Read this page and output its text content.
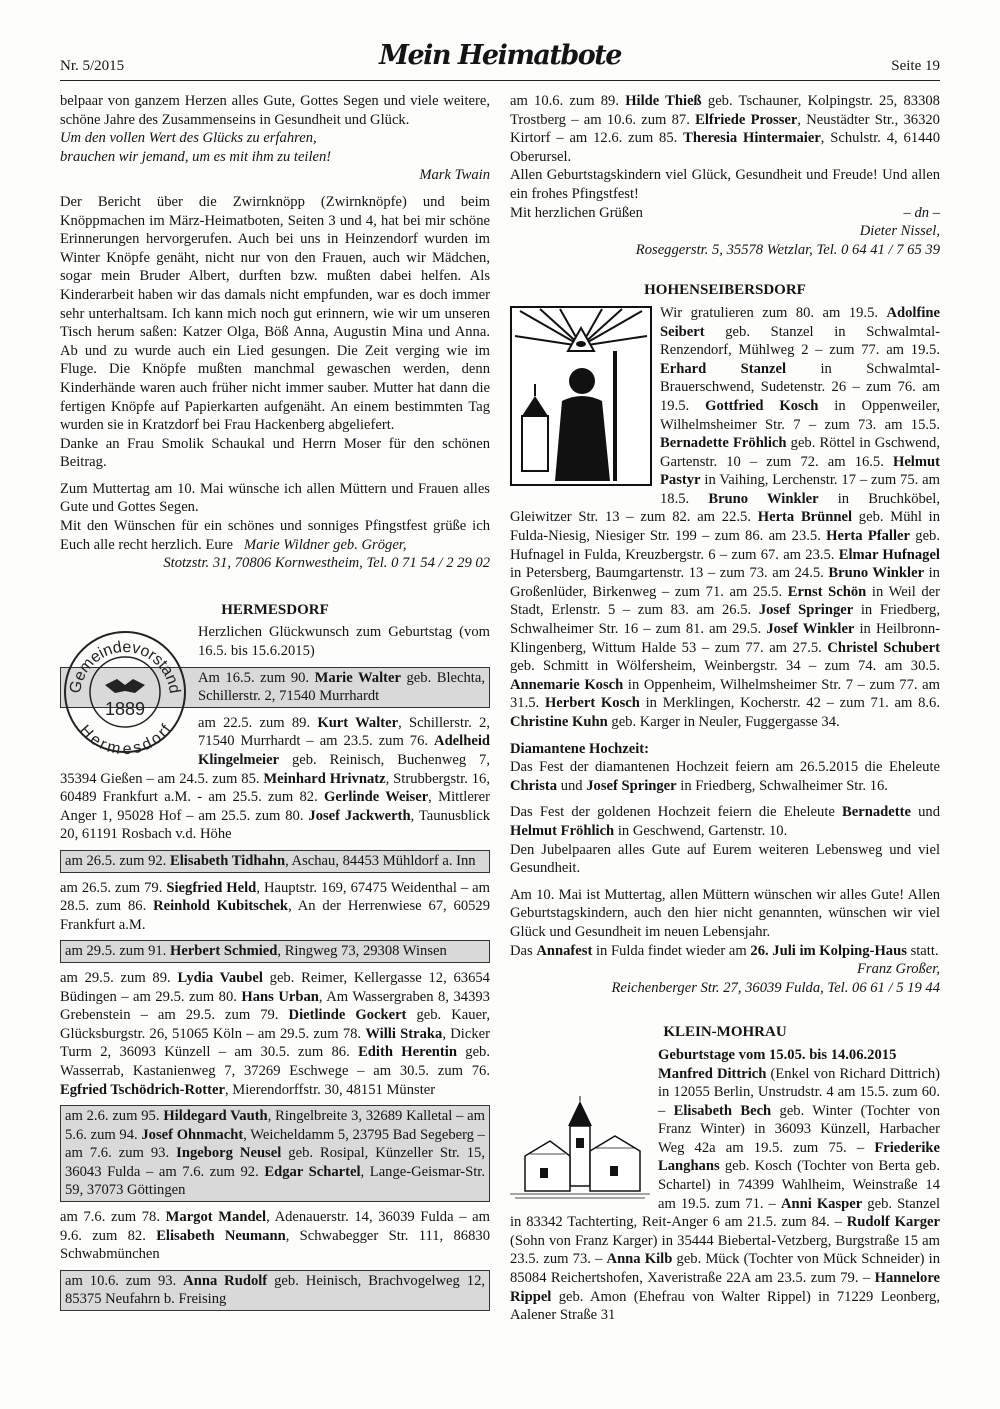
Nr. 5/2015	Mein Heimatbote	Seite 19

belpaar von ganzem Herzen alles Gute, Gottes Segen und viele weitere, schöne Jahre des Zusammenseins in Gesundheit und Glück.

Um den vollen Wert des Glücks zu erfahren,

brauchen wir jemand, um es mit ihm zu teilen!

Mark Twain

Der Bericht über die Zwirnknöpp (Zwirnknöpfe) und beim Knöppmachen im März-Heimatboten, Seiten 3 und 4, hat bei mir schöne Erinnerungen hervorgerufen. Auch bei uns in Heinzendorf wurden im Winter Knöpfe genäht, nicht nur von den Frauen, auch wir Mädchen, sogar mein Bruder Albert, durften bzw. mußten dabei helfen. Als Kinderarbeit haben wir das damals nicht empfunden, war es doch immer sehr unterhaltsam. Ich kann mich noch gut erinnern, wie wir um unseren Tisch herum saßen: Katzer Olga, Böß Anna, Augustin Mina und Anna. Ab und zu wurde auch ein Lied gesungen. Die Zeit verging wie im Fluge. Die Knöpfe mußten manchmal gewaschen werden, denn Kinderhände waren auch früher nicht immer sauber. Mutter hat dann die fertigen Knöpfe auf Papierkarten aufgenäht. An einem bestimmten Tag wurden sie in Kratzdorf bei Frau Hackenberg abgeliefert.

Danke an Frau Smolik Schaukal und Herrn Moser für den schönen Beitrag.

Zum Muttertag am 10. Mai wünsche ich allen Müttern und Frauen alles Gute und Gottes Segen.

Mit den Wünschen für ein schönes und sonniges Pfingstfest grüße ich Euch alle recht herzlich. Eure Marie Wildner geb. Gröger,

Stotzstr. 31, 70806 Kornwestheim, Tel. 0 71 54 / 2 29 02

HERMESDORF
Gemeindevorstand
Hermesdorf
1889

Herzlichen Glückwunsch zum Geburtstag (vom 16.5. bis 15.6.2015)

Am 16.5. zum 90. Marie Walter geb. Blechta, Schillerstr. 2, 71540 Murrhardt

am 22.5. zum 89. Kurt Walter, Schillerstr. 2, 71540 Murrhardt – am 23.5. zum 76. Adelheid Klingelmeier geb. Reinisch, Buchenweg 7, 35394 Gießen – am 24.5. zum 85. Meinhard Hrivnatz, Strubbergstr. 16, 60489 Frankfurt a.M. - am 25.5. zum 82. Gerlinde Weiser, Mittlerer Anger 1, 95028 Hof – am 25.5. zum 80. Josef Jackwerth, Taunusblick 20, 61191 Rosbach v.d. Höhe

am 26.5. zum 92. Elisabeth Tidhahn, Aschau, 84453 Mühldorf a. Inn

am 26.5. zum 79. Siegfried Held, Hauptstr. 169, 67475 Weidenthal – am 28.5. zum 86. Reinhold Kubitschek, An der Herrenwiese 67, 60529 Frankfurt a.M.

am 29.5. zum 91. Herbert Schmied, Ringweg 73, 29308 Winsen

am 29.5. zum 89. Lydia Vaubel geb. Reimer, Kellergasse 12, 63654 Büdingen – am 29.5. zum 80. Hans Urban, Am Wassergraben 8, 34393 Grebenstein – am 29.5. zum 79. Dietlinde Gockert geb. Kauer, Glücksburgstr. 26, 51065 Köln – am 29.5. zum 78. Willi Straka, Dicker Turm 2, 36093 Künzell – am 30.5. zum 86. Edith Herentin geb. Wasserrab, Kastanienweg 7, 37269 Eschwege – am 30.5. zum 76. Egfried Tschödrich-Rotter, Mierendorffstr. 30, 48151 Münster

am 2.6. zum 95. Hildegard Vauth, Ringelbreite 3, 32689 Kalletal – am 5.6. zum 94. Josef Ohnmacht, Weicheldamm 5, 23795 Bad Segeberg – am 7.6. zum 93. Ingeborg Neusel geb. Rosipal, Künzeller Str. 15, 36043 Fulda – am 7.6. zum 92. Edgar Schartel, Lange-Geismar-Str. 59, 37073 Göttingen

am 7.6. zum 78. Margot Mandel, Adenauerstr. 14, 36039 Fulda – am 9.6. zum 82. Elisabeth Neumann, Schwabegger Str. 111, 86830 Schwabmünchen

am 10.6. zum 93. Anna Rudolf geb. Heinisch, Brachvogelweg 12, 85375 Neufahrn b. Freising

am 10.6. zum 89. Hilde Thieß geb. Tschauner, Kolpingstr. 25, 83308 Trostberg – am 10.6. zum 87. Elfriede Prosser, Neustädter Str., 36320 Kirtorf – am 12.6. zum 85. Theresia Hintermaier, Schulstr. 4, 61440 Oberursel.

Allen Geburtstagskindern viel Glück, Gesundheit und Freude! Und allen ein frohes Pfingstfest!

Mit herzlichen Grüßen	– dn –

Dieter Nissel,

Roseggerstr. 5, 35578 Wetzlar, Tel. 0 64 41 / 7 65 39

HOHENSEIBERSDORF

Wir gratulieren zum 80. am 19.5. Adolfine Seibert geb. Stanzel in Schwalmtal-Renzendorf, Mühlweg 2 – zum 77. am 19.5. Erhard Stanzel in Schwalmtal-Brauerschwend, Sudetenstr. 26 – zum 76. am 19.5. Gottfried Kosch in Oppenweiler, Wilhelmsheimer Str. 7 – zum 73. am 15.5. Bernadette Fröhlich geb. Röttel in Gschwend, Gartenstr. 10 – zum 72. am 16.5. Helmut Pastyr in Vaihing, Lerchenstr. 17 – zum 75. am 18.5. Bruno Winkler in Bruchköbel, Gleiwitzer Str. 13 – zum 82. am 22.5. Herta Brünnel geb. Mühl in Fulda-Niesig, Niesiger Str. 199 – zum 86. am 23.5. Herta Pfaller geb. Hufnagel in Fulda, Kreuzbergstr. 6 – zum 67. am 23.5. Elmar Hufnagel in Petersberg, Baumgartenstr. 13 – zum 73. am 24.5. Bruno Winkler in Großenlüder, Birkenweg – zum 71. am 25.5. Ernst Schön in Weil der Stadt, Erlenstr. 5 – zum 83. am 26.5. Josef Springer in Friedberg, Schwalheimer Str. 16 – zum 81. am 29.5. Josef Winkler in Heilbronn-Klingenberg, Wittum Halde 53 – zum 77. am 27.5. Christel Schubert geb. Schmitt in Wölfersheim, Weinbergstr. 34 – zum 74. am 30.5. Annemarie Kosch in Oppenheim, Wilhelmsheimer Str. 7 – zum 77. am 31.5. Herbert Kosch in Merklingen, Kocherstr. 42 – zum 71. am 8.6. Christine Kuhn geb. Karger in Neuler, Fuggergasse 34.

Diamantene Hochzeit:

Das Fest der diamantenen Hochzeit feiern am 26.5.2015 die Eheleute Christa und Josef Springer in Friedberg, Schwalheimer Str. 16.

Das Fest der goldenen Hochzeit feiern die Eheleute Bernadette und Helmut Fröhlich in Geschwend, Gartenstr. 10.

Den Jubelpaaren alles Gute auf Eurem weiteren Lebensweg und viel Gesundheit.

Am 10. Mai ist Muttertag, allen Müttern wünschen wir alles Gute! Allen Geburtstagskindern, auch den hier nicht genannten, wünschen wir viel Glück und Gesundheit im neuen Lebensjahr.

Das Annafest in Fulda findet wieder am 26. Juli im Kolping-Haus statt.

Franz Großer,

Reichenberger Str. 27, 36039 Fulda, Tel. 06 61 / 5 19 44

KLEIN-MOHRAU

Geburtstage vom 15.05. bis 14.06.2015

Manfred Dittrich (Enkel von Richard Dittrich) in 12055 Berlin, Unstrudstr. 4 am 15.5. zum 60. – Elisabeth Bech geb. Winter (Tochter von Franz Winter) in 36093 Künzell, Harbacher Weg 42a am 19.5. zum 75. – Friederike Langhans geb. Kosch (Tochter von Berta geb. Schartel) in 74399 Wahlheim, Weinstraße 14 am 19.5. zum 71. – Anni Kasper geb. Stanzel in 83342 Tachterting, Reit-Anger 6 am 21.5. zum 84. – Rudolf Karger (Sohn von Franz Karger) in 35444 Biebertal-Vetzberg, Burgstraße 15 am 23.5. zum 73. – Anna Kilb geb. Mück (Tochter von Mück Schneider) in 85084 Reichertshofen, Xaveristraße 22A am 23.5. zum 79. – Hannelore Rippel geb. Amon (Ehefrau von Walter Rippel) in 71229 Leonberg, Aalener Straße 31
